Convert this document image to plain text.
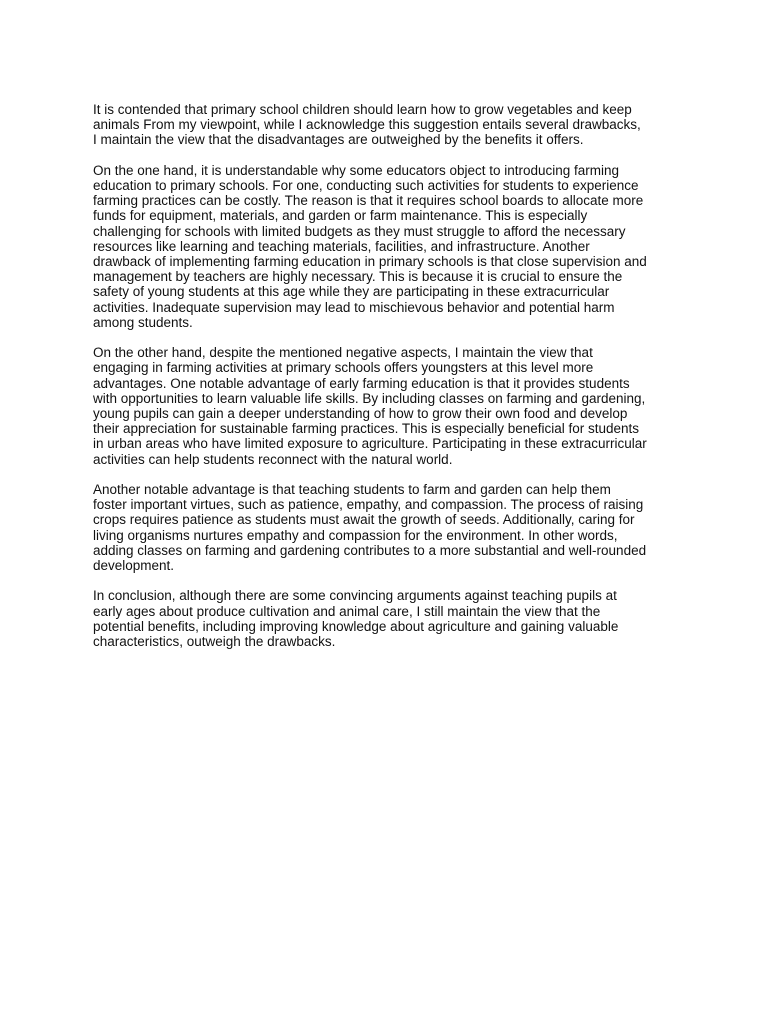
It is contended that primary school children should learn how to grow vegetables and keep
animals From my viewpoint, while I acknowledge this suggestion entails several drawbacks,
I maintain the view that the disadvantages are outweighed by the benefits it offers.

On the one hand, it is understandable why some educators object to introducing farming
education to primary schools. For one, conducting such activities for students to experience
farming practices can be costly. The reason is that it requires school boards to allocate more
funds for equipment, materials, and garden or farm maintenance. This is especially
challenging for schools with limited budgets as they must struggle to afford the necessary
resources like learning and teaching materials, facilities, and infrastructure. Another
drawback of implementing farming education in primary schools is that close supervision and
management by teachers are highly necessary. This is because it is crucial to ensure the
safety of young students at this age while they are participating in these extracurricular
activities. Inadequate supervision may lead to mischievous behavior and potential harm
among students.

On the other hand, despite the mentioned negative aspects, I maintain the view that
engaging in farming activities at primary schools offers youngsters at this level more
advantages. One notable advantage of early farming education is that it provides students
with opportunities to learn valuable life skills. By including classes on farming and gardening,
young pupils can gain a deeper understanding of how to grow their own food and develop
their appreciation for sustainable farming practices. This is especially beneficial for students
in urban areas who have limited exposure to agriculture. Participating in these extracurricular
activities can help students reconnect with the natural world.

Another notable advantage is that teaching students to farm and garden can help them
foster important virtues, such as patience, empathy, and compassion. The process of raising
crops requires patience as students must await the growth of seeds. Additionally, caring for
living organisms nurtures empathy and compassion for the environment. In other words,
adding classes on farming and gardening contributes to a more substantial and well-rounded
development.

In conclusion, although there are some convincing arguments against teaching pupils at
early ages about produce cultivation and animal care, I still maintain the view that the
potential benefits, including improving knowledge about agriculture and gaining valuable
characteristics, outweigh the drawbacks.
